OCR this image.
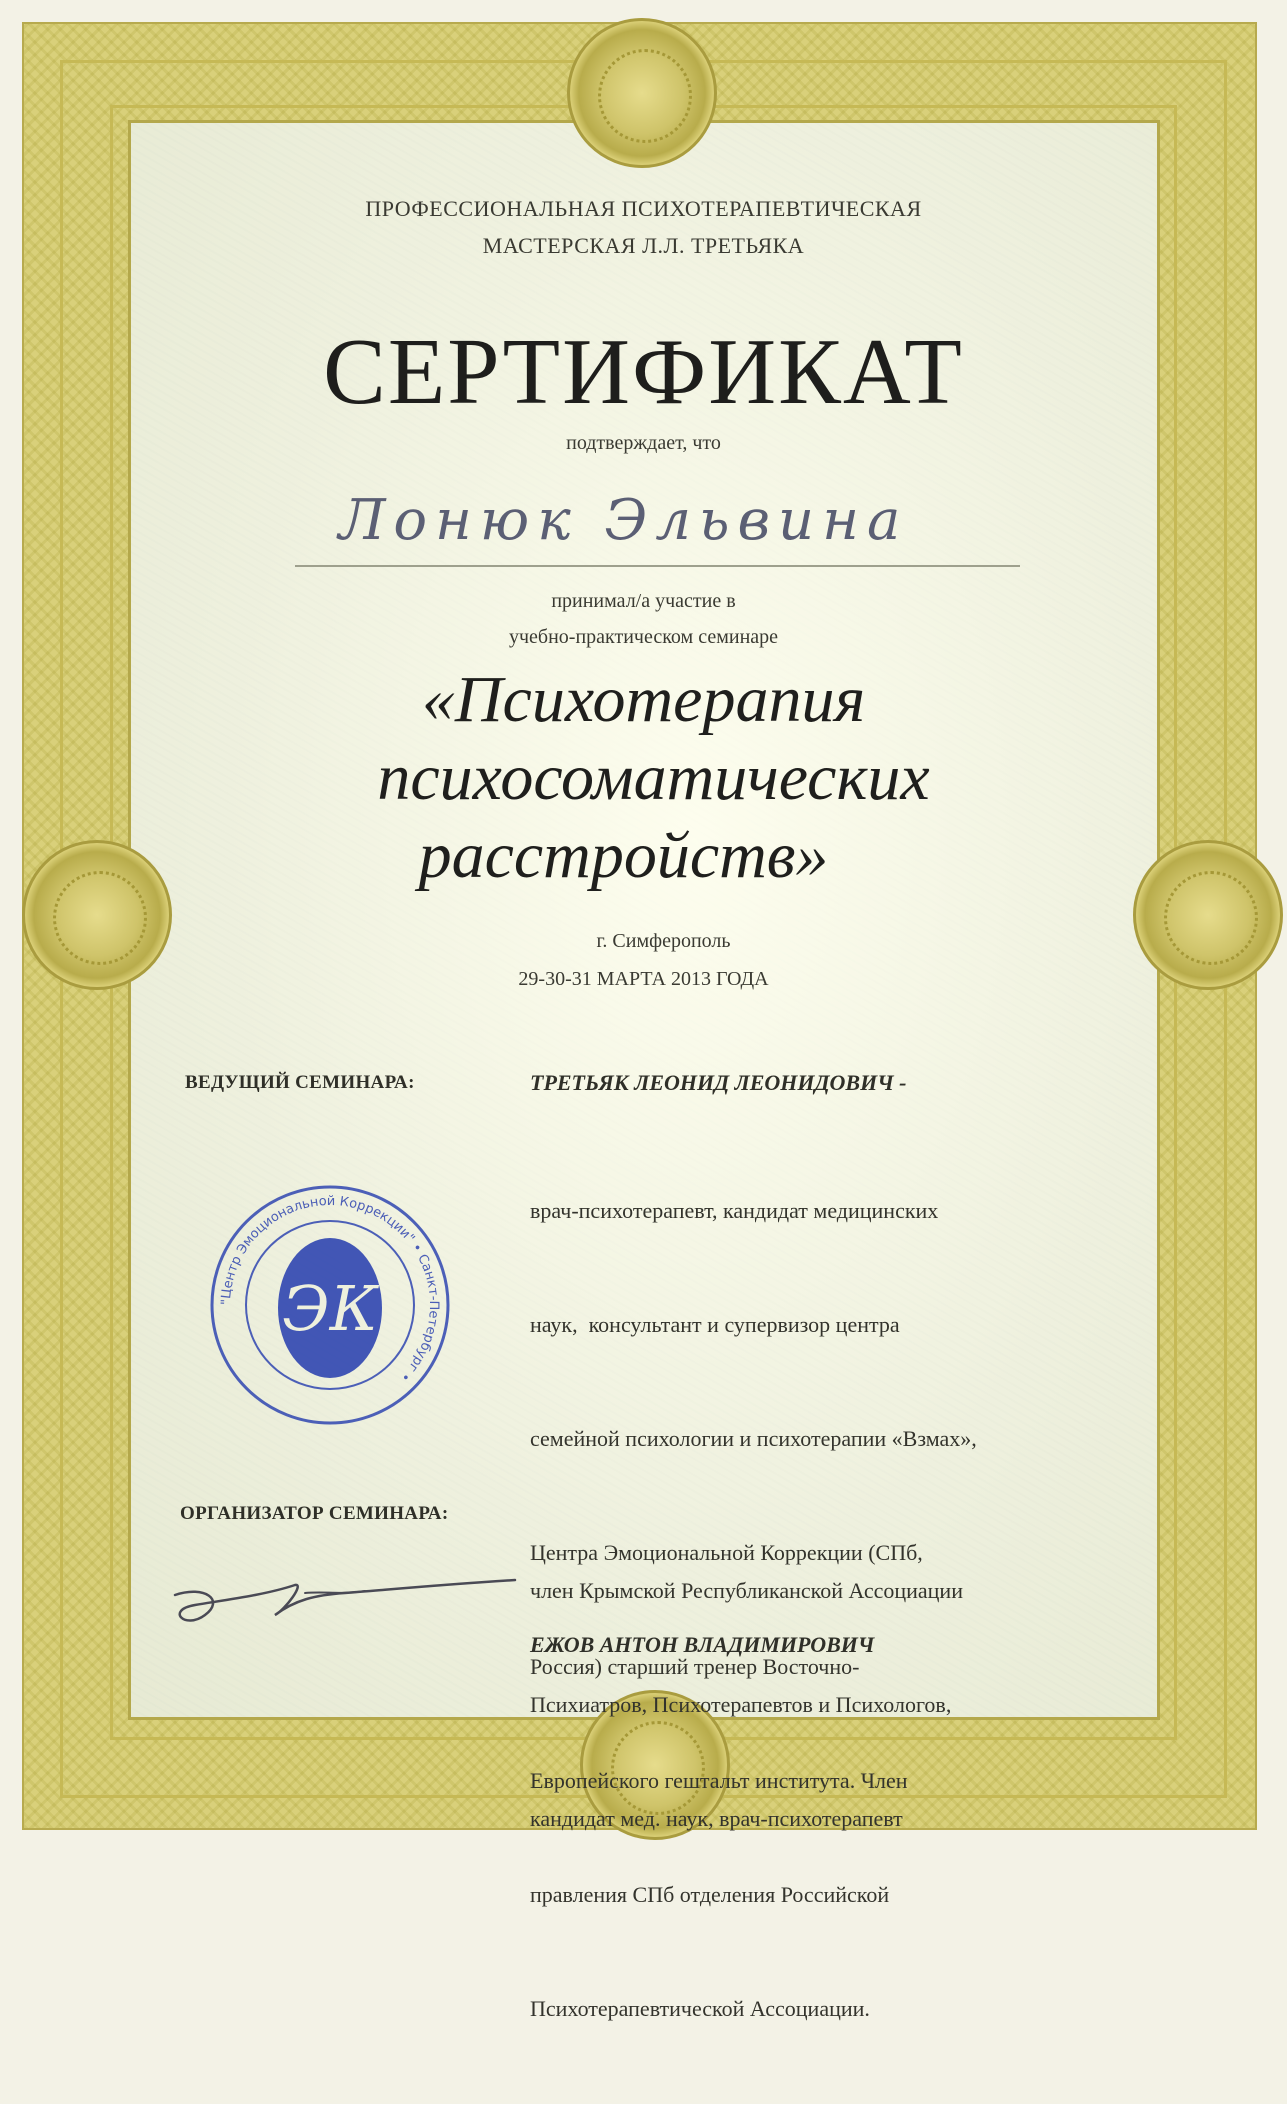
ПРОФЕССИОНАЛЬНАЯ ПСИХОТЕРАПЕВТИЧЕСКАЯ
МАСТЕРСКАЯ Л.Л. ТРЕТЬЯКА
СЕРТИФИКАТ
подтверждает, что
Лонюк Эльвина
принимал/а участие в
учебно-практическом семинаре
«Психотерапия
психосоматических
расстройств»
г. Симферополь
29-30-31 МАРТА 2013 ГОДА
ВЕДУЩИЙ СЕМИНАРА:	ТРЕТЬЯК ЛЕОНИД ЛЕОНИДОВИЧ -

врач-психотерапевт, кандидат медицинских

наук,  консультант и супервизор центра

семейной психологии и психотерапии «Взмах»,

Центра Эмоциональной Коррекции (СПб,

Россия) старший тренер Восточно-

Европейского гештальт института. Член

правления СПб отделения Российской

Психотерапевтической Ассоциации.

"Центр Эмоциональной Коррекции" • Санкт-Петербург •
ЭК
ОРГАНИЗАТОР СЕМИНАРА:

член Крымской Республиканской Ассоциации

Психиатров, Психотерапевтов и Психологов,

кандидат мед. наук, врач-психотерапевт

ЕЖОВ АНТОН ВЛАДИМИРОВИЧ
